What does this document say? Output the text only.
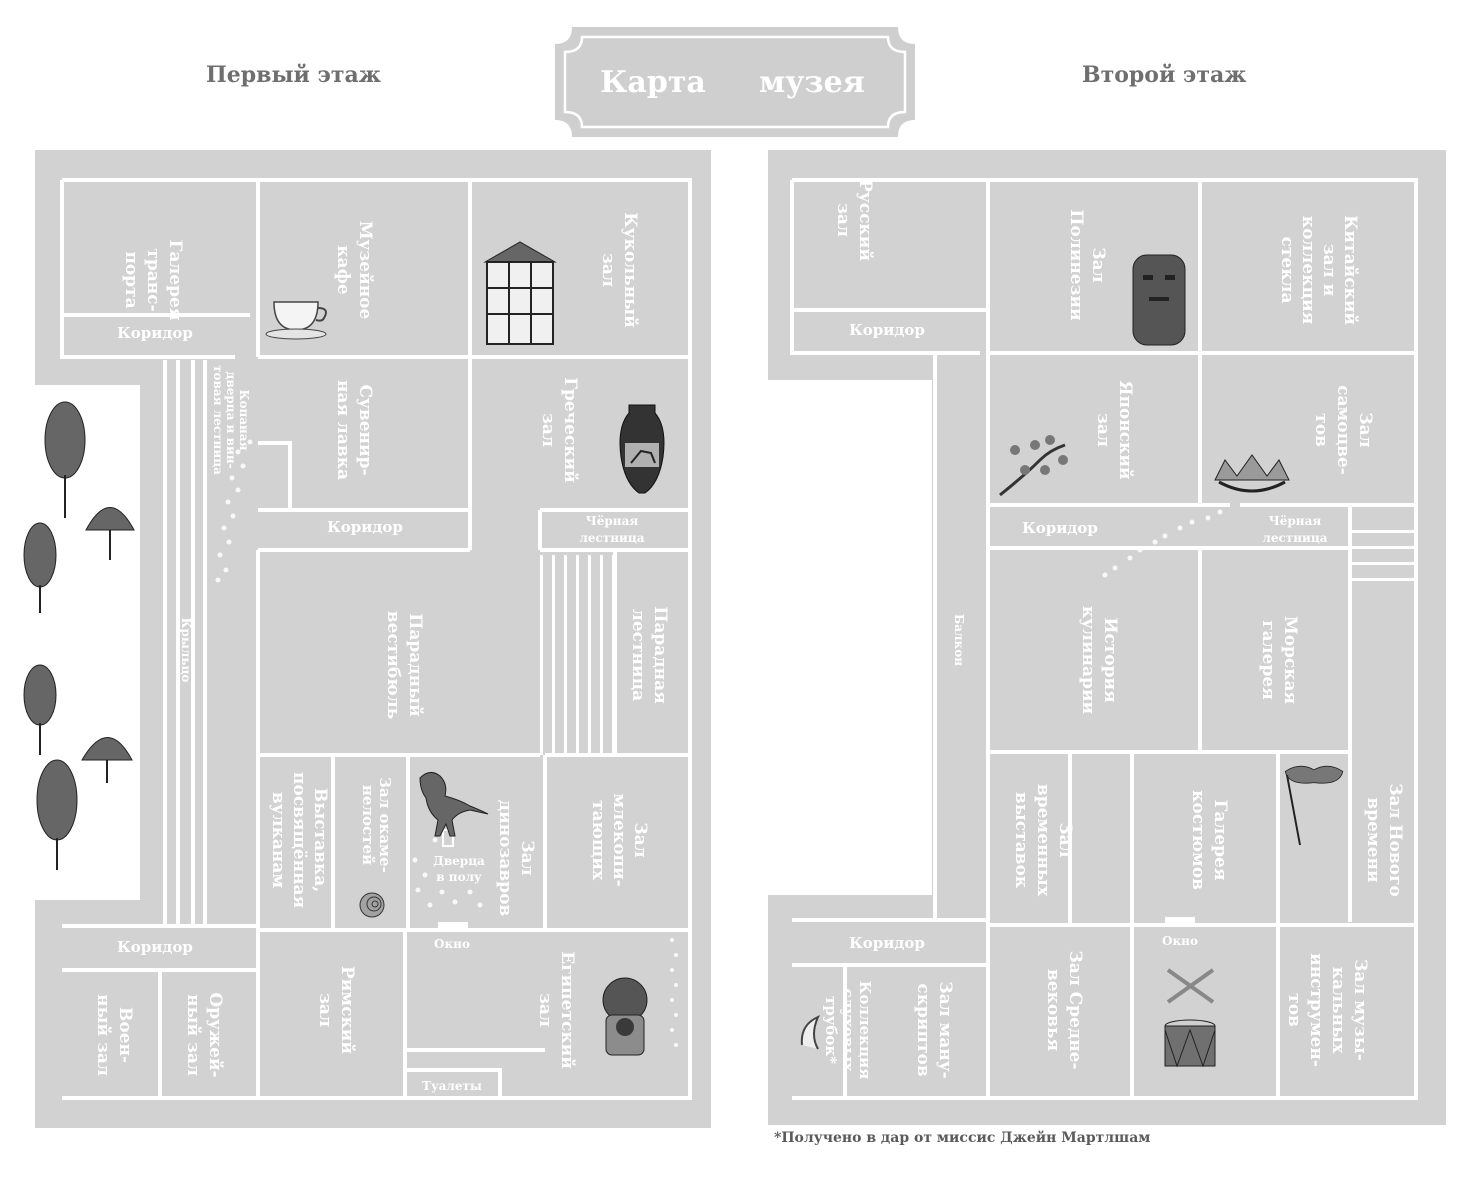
Первый этаж	Второй этаж
Карта музея
Галереятранс-порта	Музейноекафе	Кукольныйзал
Сувенир-ная лавка	Греческийзал
Копанаядверца и вин-товая лестница
Коридор
Коридор
Коридор
Чёрная лестница
Крыльцо	Парадныйвестибюль	Параднаялестница
Внутреннийдвор и сад
Выставка,посвящённаявулканам	Зал окаме-нелостей	Залдинозавров
Дверца в полу
Залмлекопи-тающих
Окно
Воен-ный зал	Оружей-ный зал	Римскийзал	Египетскийзал
Туалеты
Русскийзал
ЗалПолинезии	Китайскийзал иколлекциястекла
Коридор
Японскийзал	Залсамоцве-тов
Коридор	Чёрная лестница
Балкон	Историякулинарии	Морскаягалерея
Залвременныхвыставок	Галереякостюмов	Зал Новоговремени
Коридор	Окно
Коллекцияслуховыхтрубок*	Зал ману-скриптов	Зал Средне-вековья	Зал музы-кальныхинструмен-тов
*Получено в дар от миссис Джейн Мартлшам
